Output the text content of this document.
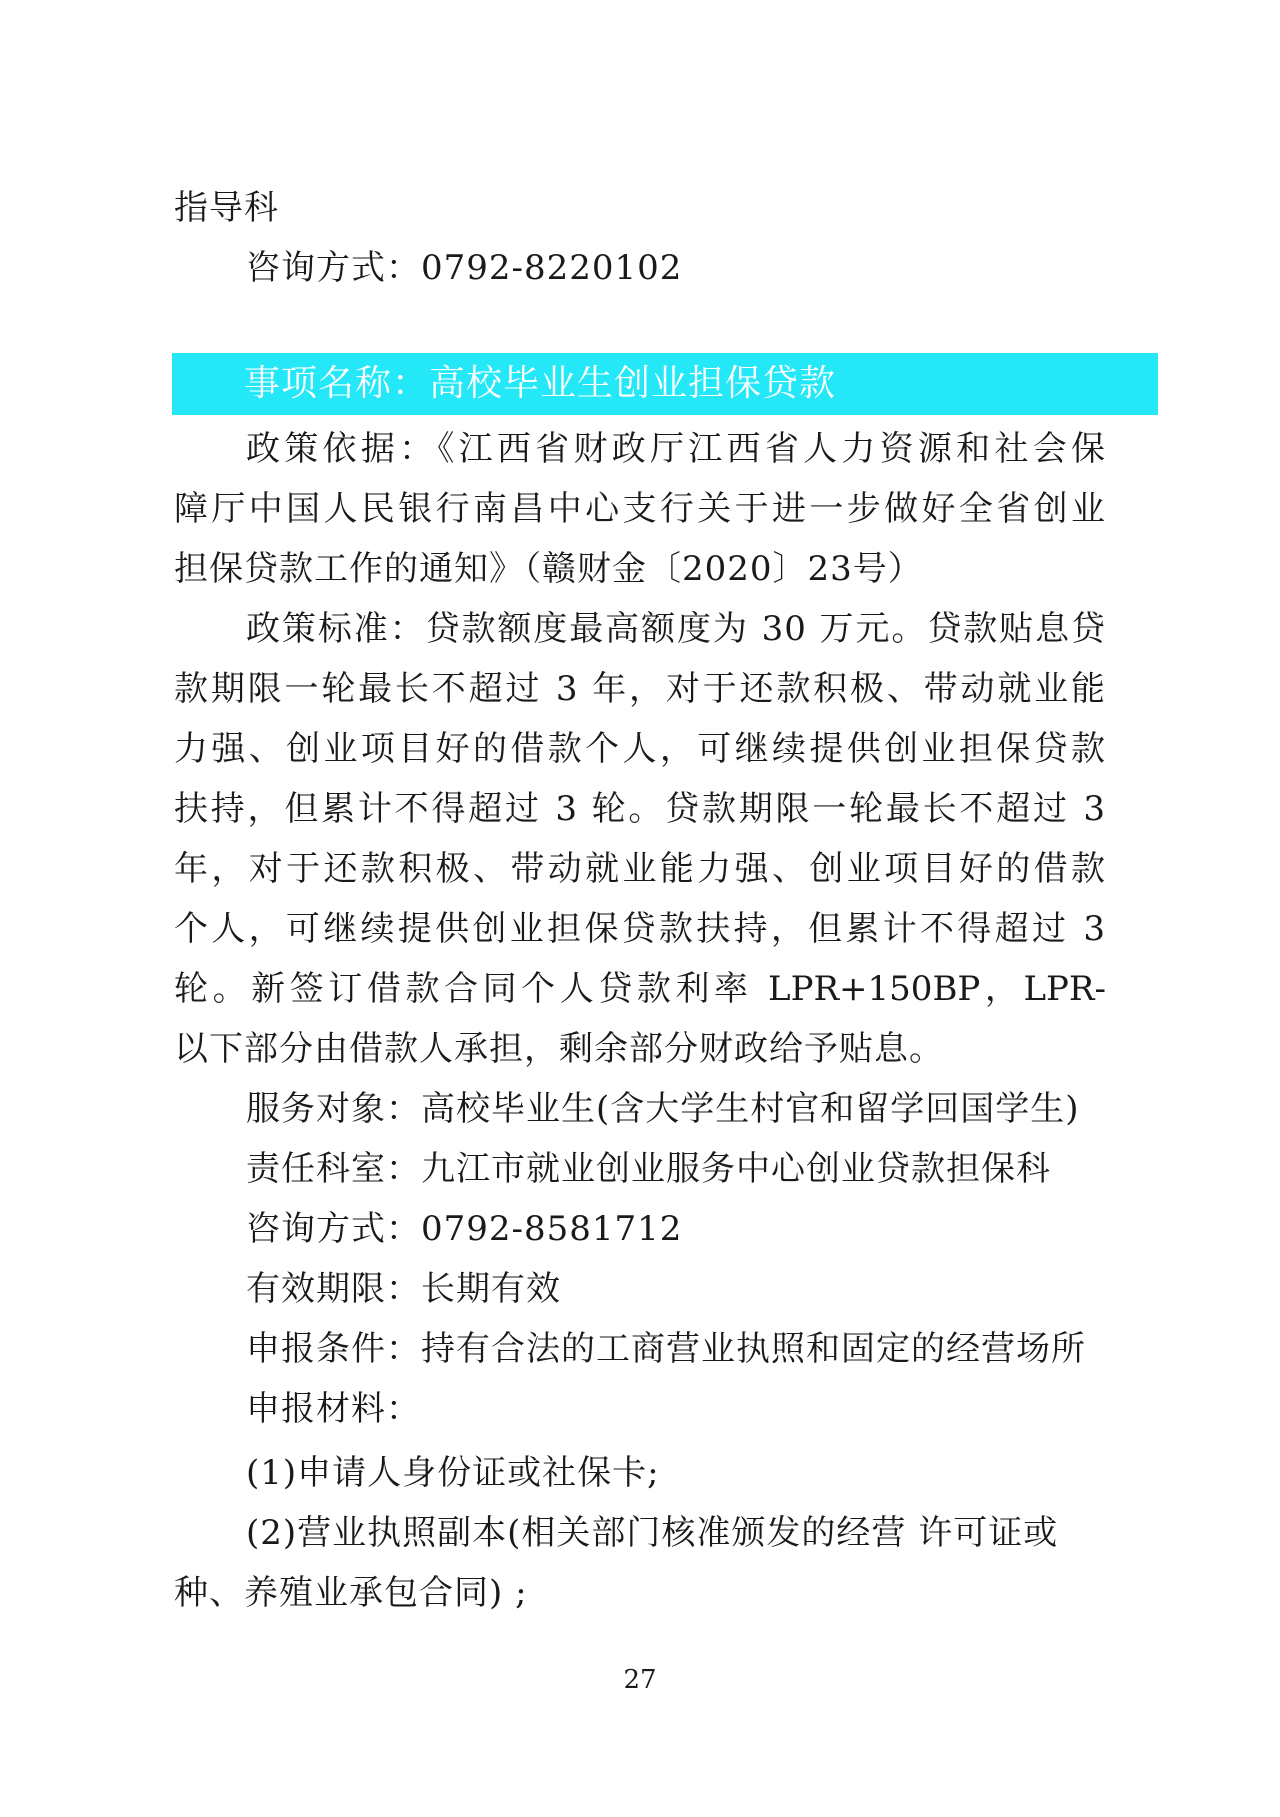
指导科
咨询方式：0792-8220102
事项名称：高校毕业生创业担保贷款
政策依据：《江西省财政厅江西省人力资源和社会保
障厅中国人民银行南昌中心支行关于进一步做好全省创业
担保贷款工作的通知》（赣财金〔2020〕23号）
政策标准：贷款额度最高额度为 30 万元。贷款贴息贷
款期限一轮最长不超过 3 年，对于还款积极、带动就业能
力强、创业项目好的借款个人，可继续提供创业担保贷款
扶持，但累计不得超过 3 轮。贷款期限一轮最长不超过 3
年，对于还款积极、带动就业能力强、创业项目好的借款
个人，可继续提供创业担保贷款扶持，但累计不得超过 3
轮。新签订借款合同个人贷款利率 LPR+150BP，LPR-
以下部分由借款人承担，剩余部分财政给予贴息。
服务对象：高校毕业生(含大学生村官和留学回国学生)
责任科室：九江市就业创业服务中心创业贷款担保科
咨询方式：0792-8581712
有效期限：长期有效
申报条件：持有合法的工商营业执照和固定的经营场所
申报材料：
(1)申请人身份证或社保卡;
(2)营业执照副本(相关部门核准颁发的经营 许可证或
种、养殖业承包合同) ;
27
